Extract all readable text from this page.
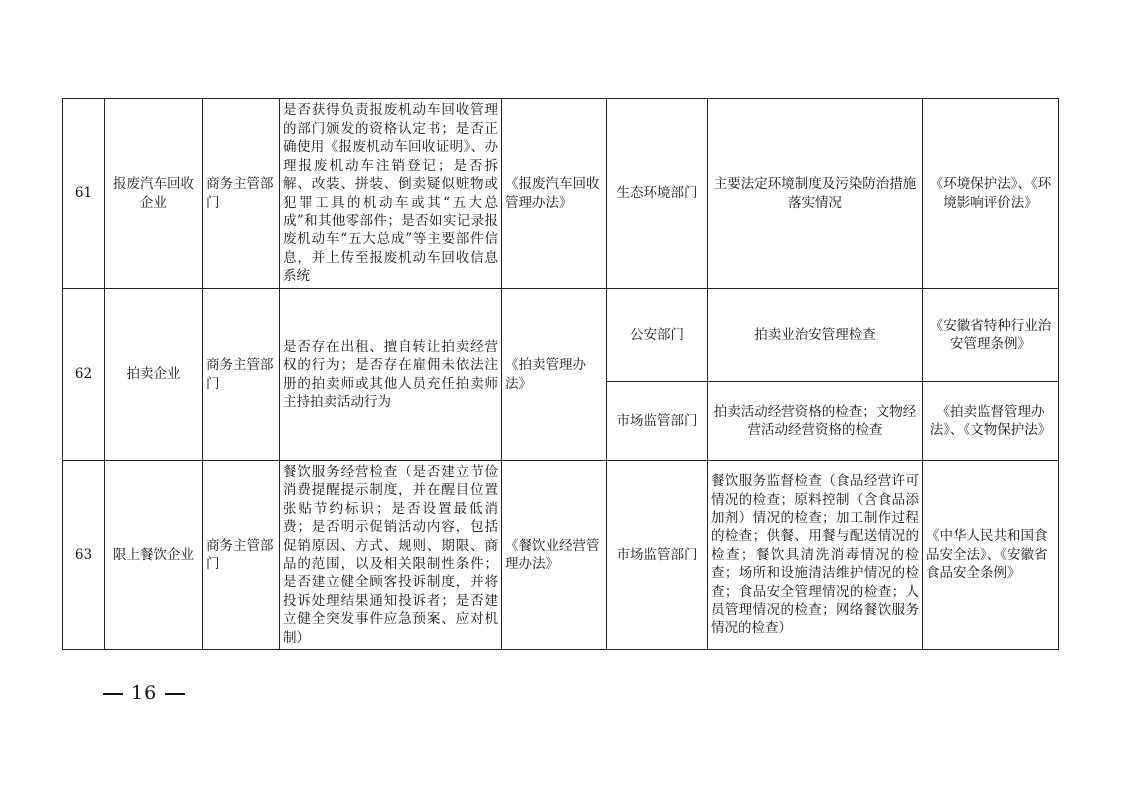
61	报废汽车回收企业	商务主管部门	是否获得负责报废机动车回收管理的部门颁发的资格认定书；是否正确使用《报废机动车回收证明》、办理报废机动车注销登记；是否拆解、改装、拼装、倒卖疑似赃物或犯罪工具的机动车或其“五大总成”和其他零部件；是否如实记录报废机动车“五大总成”等主要部件信息，并上传至报废机动车回收信息系统	《报废汽车回收管理办法》	生态环境部门	主要法定环境制度及污染防治措施落实情况	《环境保护法》、《环境影响评价法》
62	拍卖企业	商务主管部门	是否存在出租、擅自转让拍卖经营权的行为；是否存在雇佣未依法注册的拍卖师或其他人员充任拍卖师主持拍卖活动行为	《拍卖管理办法》	公安部门	拍卖业治安管理检查	《安徽省特种行业治安管理条例》
					市场监管部门	拍卖活动经营资格的检查；文物经营活动经营资格的检查	《拍卖监督管理办法》、《文物保护法》
63	限上餐饮企业	商务主管部门	餐饮服务经营检查（是否建立节俭消费提醒提示制度，并在醒目位置张贴节约标识；是否设置最低消费；是否明示促销活动内容，包括促销原因、方式、规则、期限、商品的范围，以及相关限制性条件；是否建立健全顾客投诉制度，并将投诉处理结果通知投诉者；是否建立健全突发事件应急预案、应对机制）	《餐饮业经营管理办法》	市场监管部门	餐饮服务监督检查（食品经营许可情况的检查；原料控制（含食品添加剂）情况的检查；加工制作过程的检查；供餐、用餐与配送情况的检查；餐饮具清洗消毒情况的检查；场所和设施清洁维护情况的检查；食品安全管理情况的检查；人员管理情况的检查；网络餐饮服务情况的检查）	《中华人民共和国食品安全法》、《安徽省食品安全条例》
16
